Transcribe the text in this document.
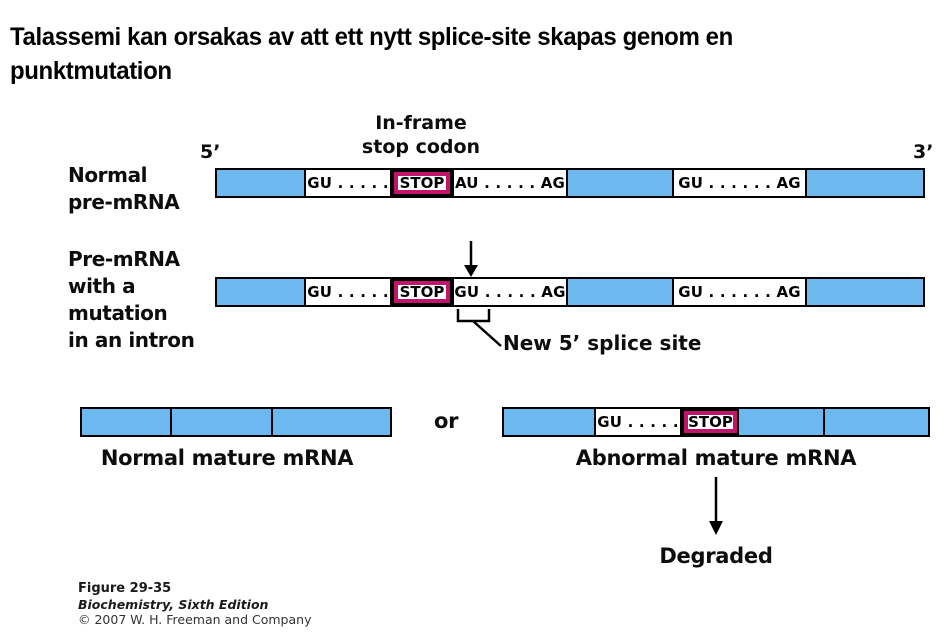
Talassemi kan orsakas av att ett nytt splice-site skapas genom en
punktmutation
In-frame
stop codon
5’	3’
Normal
pre-mRNA
GU . . . . . STOP AU . . . . . AG	GU . . . . . . AG
Pre-mRNA
with a
mutation
in an intron
GU . . . . . STOP GU . . . . . AG	GU . . . . . . AG
New 5’ splice site
Normal mature mRNA
or	GU . . . . . STOP
Abnormal mature mRNA
Degraded
Figure 29-35
Biochemistry, Sixth Edition
© 2007 W. H. Freeman and Company
